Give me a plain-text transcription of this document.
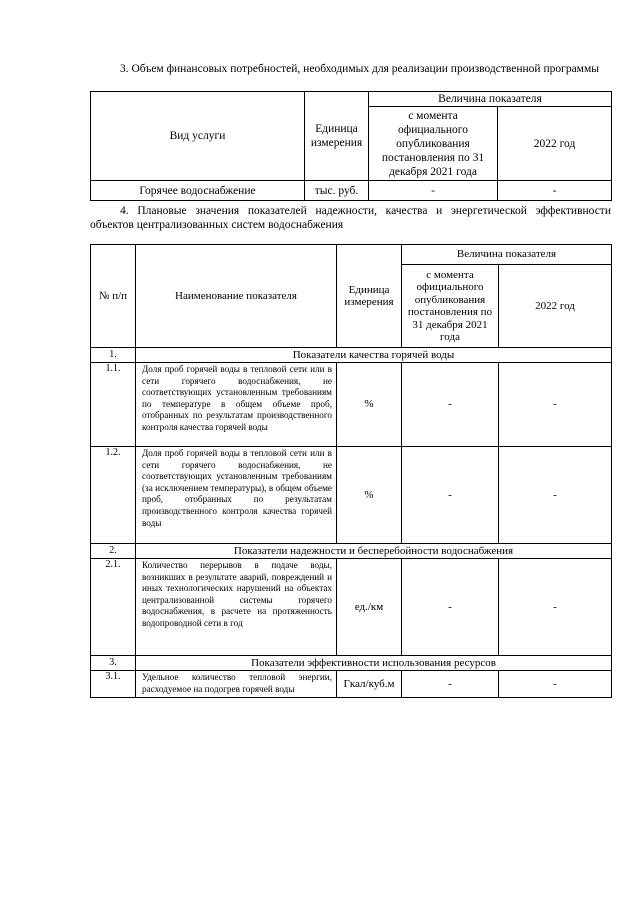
3. Объем финансовых потребностей, необходимых для реализации производственной программы

Вид услуги	Единица измерения	Величина показателя	
		с момента официального опубликования постановления по 31 декабря 2021 года	2022 год
Горячее водоснабжение	тыс. руб.	-	-

4. Плановые значения показателей надежности, качества и энергетической эффективности объектов централизованных систем водоснабжения

№ п/п	Наименование показателя	Единица измерения	Величина показателя	
			с момента официального опубликования постановления по 31 декабря 2021 года	2022 год
1.	Показатели качества горячей воды			
1.1.	Доля проб горячей воды в тепловой сети или в сети горячего водоснабжения, не соответствующих установленным требованиям по температуре в общем объеме проб, отобранных по результатам производственного контроля качества горячей воды	%	-	-
1.2.	Доля проб горячей воды в тепловой сети или в сети горячего водоснабжения, не соответствующих установленным требованиям (за исключением температуры), в общем объеме проб, отобранных по результатам производственного контроля качества горячей воды	%	-	-
2.	Показатели надежности и бесперебойности водоснабжения			
2.1.	Количество перерывов в подаче воды, возникших в результате аварий, повреждений и иных технологических нарушений на объектах централизованной системы горячего водоснабжения, в расчете на протяженность водопроводной сети в год	ед./км	-	-
3.	Показатели эффективности использования ресурсов			
3.1.	Удельное количество тепловой энергии, расходуемое на подогрев горячей воды	Гкал/куб.м	-	-
